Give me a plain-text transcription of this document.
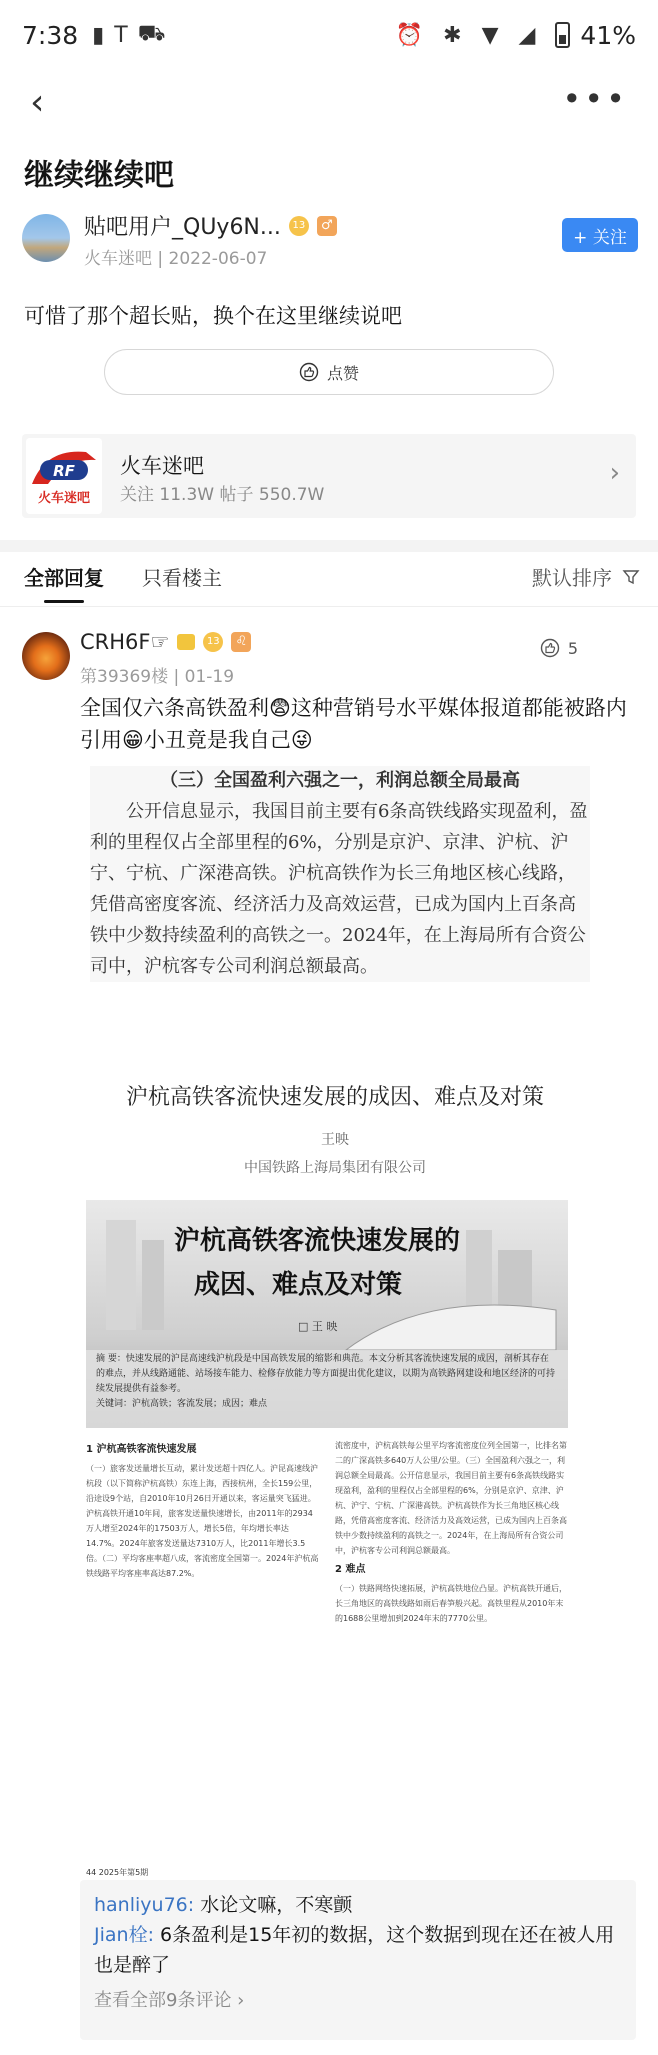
7:38 ▮ T ⛟	⏰ ✱ ▼ ◢ 41%
‹	•••
继续继续吧
贴吧用户_QUy6N...	13	♂
火车迷吧 | 2022-06-07
+ 关注
可惜了那个超长贴，换个在这里继续说吧
点赞
RF
火车迷吧
火车迷吧
关注 11.3W 帖子 550.7W
›
全部回复 只看楼主	默认排序
CRH6F☞	13	♌
第39369楼 | 01-19
5
全国仅六条高铁盈利😨这种营销号水平媒体报道都能被路内引用😁小丑竟是我自己😜
（三）全国盈利六强之一，利润总额全局最高

公开信息显示，我国目前主要有6条高铁线路实现盈利，盈利的里程仅占全部里程的6%，分别是京沪、京津、沪杭、沪宁、宁杭、广深港高铁。沪杭高铁作为长三角地区核心线路，凭借高密度客流、经济活力及高效运营，已成为国内上百条高铁中少数持续盈利的高铁之一。2024年，在上海局所有合资公司中，沪杭客专公司利润总额最高。

沪杭高铁客流快速发展的成因、难点及对策
王映
中国铁路上海局集团有限公司
沪杭高铁客流快速发展的
成因、难点及对策
□ 王 映
摘 要：快速发展的沪昆高速线沪杭段是中国高铁发展的缩影和典范。本文分析其客流快速发展的成因，剖析其存在的难点，并从线路通能、站场接车能力、检修存放能力等方面提出优化建议，以期为高铁路网建设和地区经济的可持续发展提供有益参考。
关键词：沪杭高铁；客流发展；成因；难点
1 沪杭高铁客流快速发展
（一）旅客发送量增长互动，累计发送超十四亿人。沪昆高速线沪杭段（以下简称沪杭高铁）东连上海，西接杭州，全长159公里，沿途设9个站，自2010年10月26日开通以来，客运量突飞猛进。沪杭高铁开通10年间，旅客发送量快速增长，由2011年的2934万人增至2024年的17503万人，增长5倍，年均增长率达14.7%。2024年旅客发送量达7310万人，比2011年增长3.5倍。（二）平均客座率超八成，客流密度全国第一。2024年沪杭高铁线路平均客座率高达87.2%。
流密度中，沪杭高铁每公里平均客流密度位列全国第一，比排名第二的广深高铁多640万人公里/公里。（三）全国盈利六强之一，利润总额全局最高。公开信息显示，我国目前主要有6条高铁线路实现盈利，盈利的里程仅占全部里程的6%，分别是京沪、京津、沪杭、沪宁、宁杭、广深港高铁。沪杭高铁作为长三角地区核心线路，凭借高密度客流、经济活力及高效运营，已成为国内上百条高铁中少数持续盈利的高铁之一。2024年，在上海局所有合资公司中，沪杭客专公司利润总额最高。
2 难点
（一）铁路网络快速拓展，沪杭高铁地位凸显。沪杭高铁开通后，长三角地区的高铁线路如雨后春笋般兴起。高铁里程从2010年末的1688公里增加到2024年末的7770公里。
44 2025年第5期
hanliyu76: 水论文嘛，不寒颤
Jian栓: 6条盈利是15年初的数据，这个数据到现在还在被人用也是醉了
查看全部9条评论 ›
